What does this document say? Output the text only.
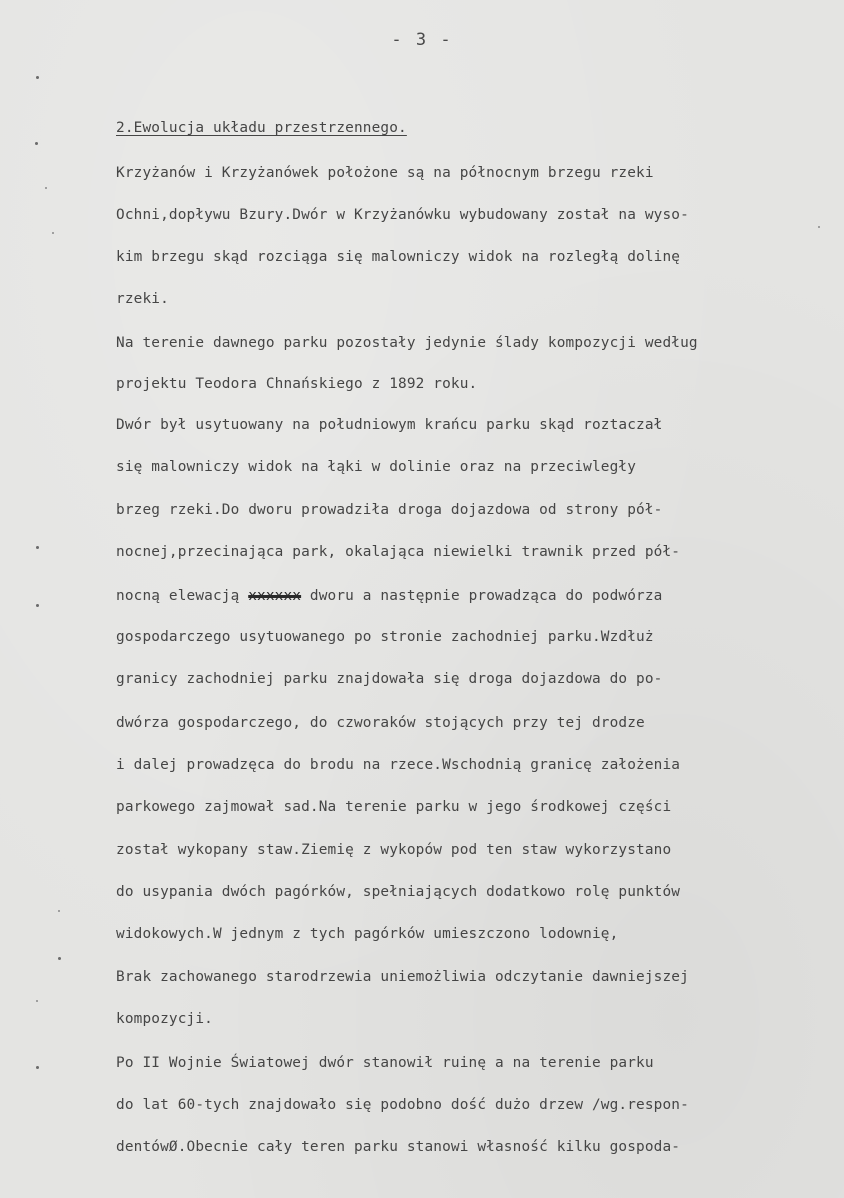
- 3 -
2.Ewolucja układu przestrzennego.
Krzyżanów i Krzyżanówek położone są na północnym brzegu rzeki
Ochni,dopływu Bzury.Dwór w Krzyżanówku wybudowany został na wyso-
kim brzegu skąd rozciąga się malowniczy widok na rozległą dolinę
rzeki.
Na terenie dawnego parku pozostały jedynie ślady kompozycji według
projektu Teodora Chnańskiego z 1892 roku.
Dwór był usytuowany na południowym krańcu parku skąd roztaczał
się malowniczy widok na łąki w dolinie oraz na przeciwległy
brzeg rzeki.Do dworu prowadziła droga dojazdowa od strony pół-
nocnej,przecinająca park, okalająca niewielki trawnik przed pół-
nocną elewacją xxxxxx dworu a następnie prowadząca do podwórza
gospodarczego usytuowanego po stronie zachodniej parku.Wzdłuż
granicy zachodniej parku znajdowała się droga dojazdowa do po-
dwórza gospodarczego, do czworaków stojących przy tej drodze
i dalej prowadzęca do brodu na rzece.Wschodnią granicę założenia
parkowego zajmował sad.Na terenie parku w jego środkowej części
został wykopany staw.Ziemię z wykopów pod ten staw wykorzystano
do usypania dwóch pagórków, spełniających dodatkowo rolę punktów
widokowych.W jednym z tych pagórków umieszczono lodownię,
Brak zachowanego starodrzewia uniemożliwia odczytanie dawniejszej
kompozycji.
Po II Wojnie Światowej dwór stanowił ruinę a na terenie parku
do lat 60-tych znajdowało się podobno dość dużo drzew /wg.respon-
dentówØ.Obecnie cały teren parku stanowi własność kilku gospoda-
